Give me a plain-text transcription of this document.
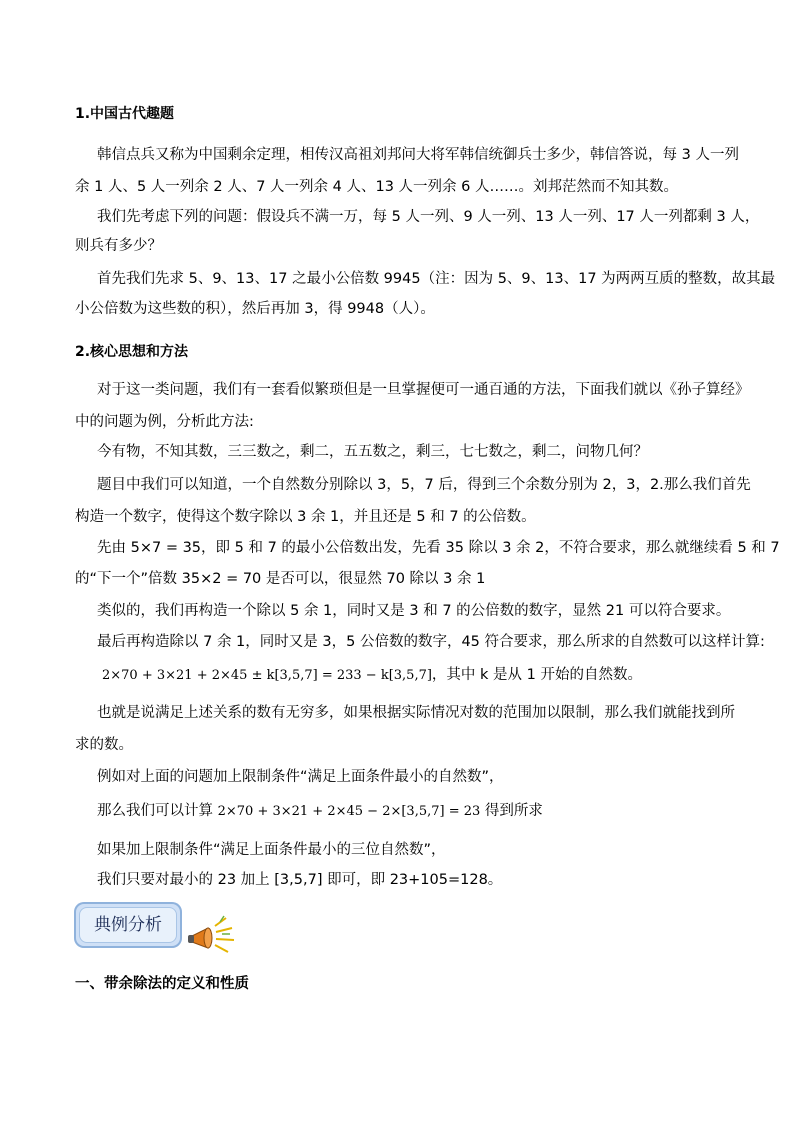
1.中国古代趣题
韩信点兵又称为中国剩余定理，相传汉高祖刘邦问大将军韩信统御兵士多少，韩信答说，每 3 人一列
余 1 人、5 人一列余 2 人、7 人一列余 4 人、13 人一列余 6 人……。刘邦茫然而不知其数。
我们先考虑下列的问题：假设兵不满一万，每 5 人一列、9 人一列、13 人一列、17 人一列都剩 3 人，
则兵有多少？
首先我们先求 5、9、13、17 之最小公倍数 9945（注：因为 5、9、13、17 为两两互质的整数，故其最
小公倍数为这些数的积），然后再加 3，得 9948（人）。
2.核心思想和方法
对于这一类问题，我们有一套看似繁琐但是一旦掌握便可一通百通的方法，下面我们就以《孙子算经》
中的问题为例，分析此方法:
今有物，不知其数，三三数之，剩二，五五数之，剩三，七七数之，剩二，问物几何？
题目中我们可以知道，一个自然数分别除以 3，5，7 后，得到三个余数分别为 2，3，2.那么我们首先
构造一个数字，使得这个数字除以 3 余 1，并且还是 5 和 7 的公倍数。
先由 5×7 = 35，即 5 和 7 的最小公倍数出发，先看 35 除以 3 余 2，不符合要求，那么就继续看 5 和 7
的“下一个”倍数 35×2 = 70 是否可以，很显然 70 除以 3 余 1
类似的，我们再构造一个除以 5 余 1，同时又是 3 和 7 的公倍数的数字，显然 21 可以符合要求。
最后再构造除以 7 余 1，同时又是 3，5 公倍数的数字，45 符合要求，那么所求的自然数可以这样计算:
2×70 + 3×21 + 2×45 ± k[3,5,7] = 233 − k[3,5,7]，其中 k 是从 1 开始的自然数。
也就是说满足上述关系的数有无穷多，如果根据实际情况对数的范围加以限制，那么我们就能找到所
求的数。
例如对上面的问题加上限制条件“满足上面条件最小的自然数”，
那么我们可以计算 2×70 + 3×21 + 2×45 − 2×[3,5,7] = 23 得到所求
如果加上限制条件“满足上面条件最小的三位自然数”，
我们只要对最小的 23 加上 [3,5,7] 即可，即 23+105=128。
典例分析
一、带余除法的定义和性质
